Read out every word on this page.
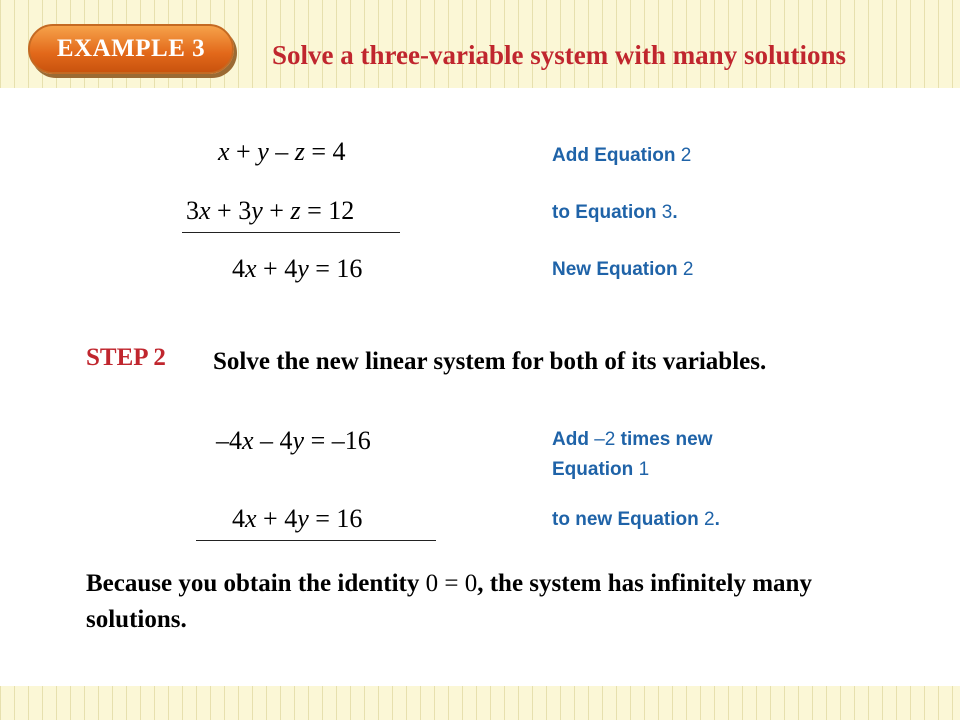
EXAMPLE 3	Solve a three-variable system with many solutions
x + y – z = 4
3x + 3y + z = 12
4x + 4y = 16
Add Equation 2
to Equation 3.
New Equation 2
STEP 2 Solve the new linear system for both of its variables.
–4x – 4y = –16
4x + 4y = 16
Add –2 times new
Equation 1
to new Equation 2.
Because you obtain the identity 0 = 0, the system has infinitely many solutions.
